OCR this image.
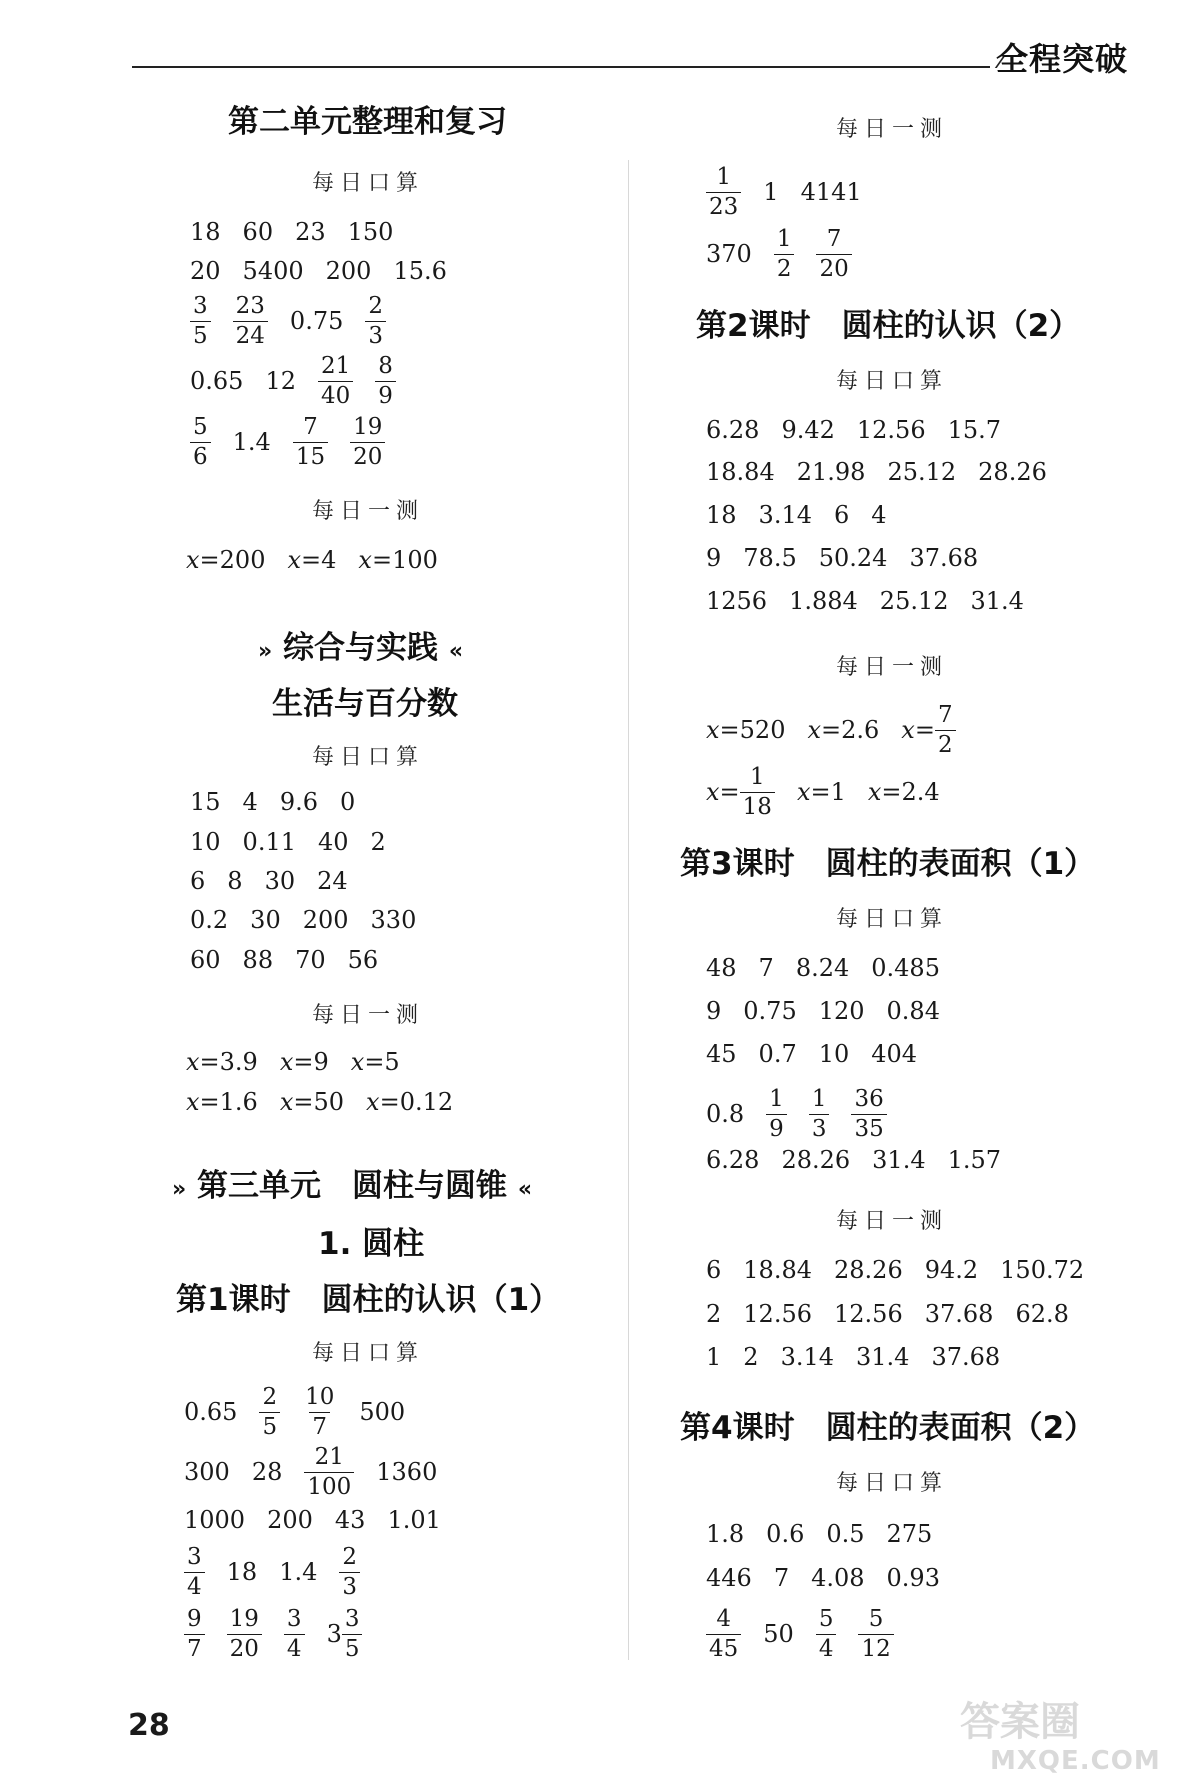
全程突破
第二单元整理和复习
每日口算
18 60 23 150
20 5400 200 15.6
$\frac{3}{5} \frac{23}{24} 0.75 \frac{2}{3}$
0.65 $12 \frac{21}{40} \frac{8}{9}$
$\frac{5}{6} 1.4 \frac{7}{15} \frac{19}{20}$
每日一测
x = 200 x = 4 x = 100
» 综合与实践 «
生活与百分数
每日口算
15 4 9.6 0
10 0.11 40 2
6 8 30 24
0.2 30 200 330
60 88 70 56
每日一测
x = 3.9 x = 9 x = 5
x = 1.6 x = 50 x = 0.12
» 第三单元　圆柱与圆锥 «
1. 圆柱
第1课时　圆柱的认识（1）
每日口算
$0.65 \frac{2}{5} \frac{10}{7} 500$
300 $28 \frac{21}{100} 1360$
1000 200 43 1.01
$\frac{3}{4} 18$ $1.4 \frac{2}{3}$
$\frac{9}{7} \frac{19}{20} \frac{3}{4} 3 \frac{3}{5}$
每日一测
$\frac{1}{23} 1$ 4141
$370 \frac{1}{2} \frac{7}{20}$
第2课时　圆柱的认识（2）
每日口算
6.28 9.42 12.56 15.7
18.84 21.98 25.12 28.26
18 3.14 6 4
9 78.5 50.24 37.68
1256 1.884 25.12 31.4
每日一测
x = 520 x = 2.6 $x = \frac{7}{2}$
$x = \frac{1}{18}$ x = 1 x = 2.4
第3课时　圆柱的表面积（1）
每日口算
48 7 8.24 0.485
9 0.75 120 0.84
45 0.7 10 404
$0.8 \frac{1}{9} \frac{1}{3} \frac{36}{35}$
6.28 28.26 31.4 1.57
每日一测
6 18.84 28.26 94.2 150.72
2 12.56 12.56 37.68 62.8
1 2 3.14 31.4 37.68
第4课时　圆柱的表面积（2）
每日口算
1.8 0.6 0.5 275
446 7 4.08 0.93
$\frac{4}{45} 50 \frac{5}{4} \frac{5}{12}$
28	答案圈
MXQE.COM
